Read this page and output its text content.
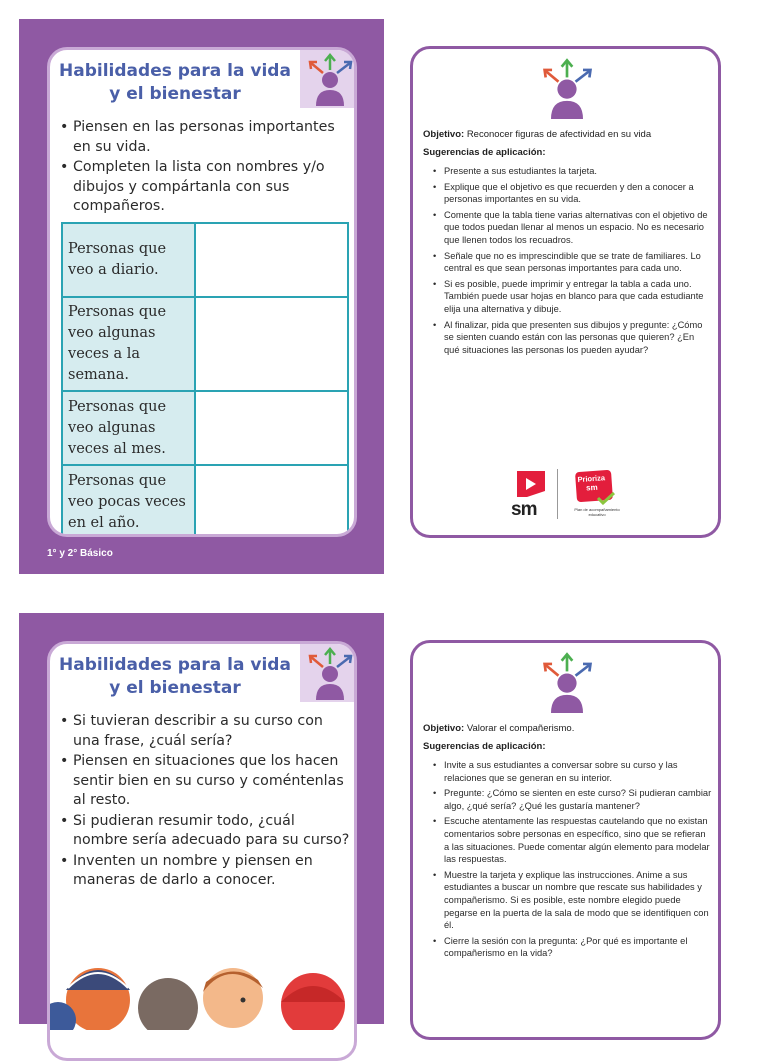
Habilidades para la vida
y el bienestar
• Piensen en las personas importantes en su vida.
• Completen la lista con nombres y/o dibujos y compártanla con sus compañeros.
Personas que veo a diario.	
Personas que veo algunas veces a la semana.	
Personas que veo algunas veces al mes.	
Personas que veo pocas veces en el año.	
1° y 2° Básico
Objetivo: Reconocer figuras de afectividad en su vida
Sugerencias de aplicación:
• Presente a sus estudiantes la tarjeta.
• Explique que el objetivo es que recuerden y den a conocer a personas importantes en su vida.
• Comente que la tabla tiene varias alternativas con el objetivo de que todos puedan llenar al menos un espacio. No es necesario que llenen todos los recuadros.
• Señale que no es imprescindible que se trate de familiares. Lo central es que sean personas importantes para cada uno.
• Si es posible, puede imprimir y entregar la tabla a cada uno. También puede usar hojas en blanco para que cada estudiante elija una alternativa y dibuje.
• Al finalizar, pida que presenten sus dibujos y pregunte: ¿Cómo se sienten cuando están con las personas que quieren? ¿En qué situaciones las personas los pueden ayudar?
sm
Prioriza
sm
Plan de acompañamiento educativo
Habilidades para la vida
y el bienestar
• Si tuvieran describir a su curso con una frase, ¿cuál sería?
• Piensen en situaciones que los hacen sentir bien en su curso y coméntenlas al resto.
• Si pudieran resumir todo, ¿cuál nombre sería adecuado para su curso?
• Inventen un nombre y piensen en maneras de darlo a conocer.
Objetivo: Valorar el compañerismo.
Sugerencias de aplicación:
• Invite a sus estudiantes a conversar sobre su curso y las relaciones que se generan en su interior.
• Pregunte: ¿Cómo se sienten en este curso? Si pudieran cambiar algo, ¿qué sería? ¿Qué les gustaría mantener?
• Escuche atentamente las respuestas cautelando que no existan comentarios sobre personas en específico, sino que se refieran a las situaciones. Puede comentar algún elemento para modelar las respuestas.
• Muestre la tarjeta y explique las instrucciones. Anime a sus estudiantes a buscar un nombre que rescate sus habilidades y compañerismo. Si es posible, este nombre elegido puede pegarse en la puerta de la sala de modo que se identifiquen con él.
• Cierre la sesión con la pregunta: ¿Por qué es importante el compañerismo en la vida?
